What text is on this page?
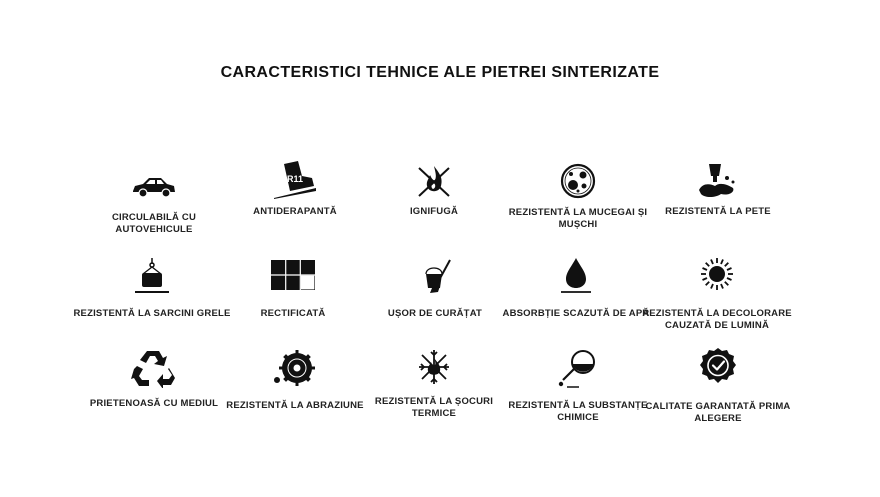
CARACTERISTICI TEHNICE ALE PIETREI SINTERIZATE
CIRCULABILĂ CU AUTOVEHICULE
R11
ANTIDERAPANTĂ	IGNIFUGĂ	REZISTENTĂ LA MUCEGAI ȘI MUȘCHI
REZISTENTĂ LA PETE
REZISTENTĂ LA SARCINI GRELE	RECTIFICATĂ	UȘOR DE CURĂȚAT	ABSORBȚIE SCAZUTĂ DE APĂ
REZISTENTĂ LA DECOLORARE CAUZATĂ DE LUMINĂ
PRIETENOASĂ CU MEDIUL REZISTENTĂ LA ABRAZIUNE	REZISTENTĂ LA ȘOCURI TERMICE
REZISTENTĂ LA SUBSTANȚE CHIMICE
CALITATE GARANTATĂ PRIMA ALEGERE
